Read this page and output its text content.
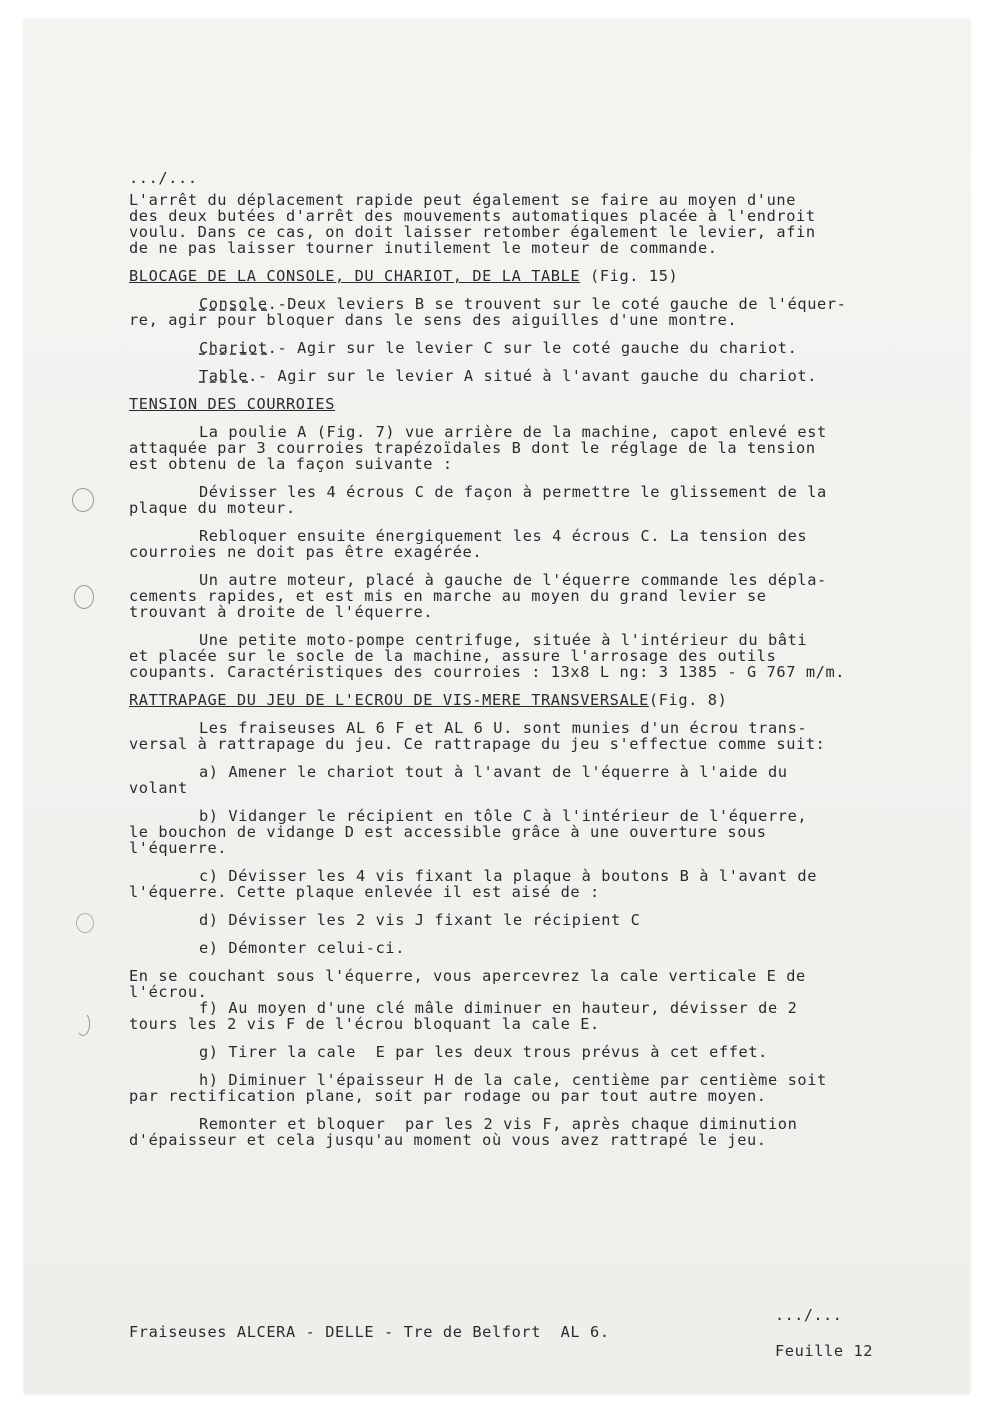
.../...
L'arrêt du déplacement rapide peut également se faire au moyen d'une
des deux butées d'arrêt des mouvements automatiques placée à l'endroit
voulu. Dans ce cas, on doit laisser retomber également le levier, afin
de ne pas laisser tourner inutilement le moteur de commande.
BLOCAGE DE LA CONSOLE, DU CHARIOT, DE LA TABLE (Fig. 15)
Console.-Deux leviers B se trouvent sur le coté gauche de l'équer-
re, agir pour bloquer dans le sens des aiguilles d'une montre.
Chariot.- Agir sur le levier C sur le coté gauche du chariot.
Table.- Agir sur le levier A situé à l'avant gauche du chariot.
TENSION DES COURROIES
La poulie A (Fig. 7) vue arrière de la machine, capot enlevé est
attaquée par 3 courroies trapézoïdales B dont le réglage de la tension
est obtenu de la façon suivante :
Dévisser les 4 écrous C de façon à permettre le glissement de la
plaque du moteur.
Rebloquer ensuite énergiquement les 4 écrous C. La tension des
courroies ne doit pas être exagérée.
Un autre moteur, placé à gauche de l'équerre commande les dépla-
cements rapides, et est mis en marche au moyen du grand levier se
trouvant à droite de l'équerre.
Une petite moto-pompe centrifuge, située à l'intérieur du bâti
et placée sur le socle de la machine, assure l'arrosage des outils
coupants. Caractéristiques des courroies : 13x8 L ng: 3 1385 - G 767 m/m.
RATTRAPAGE DU JEU DE L'ECROU DE VIS-MERE TRANSVERSALE(Fig. 8)
Les fraiseuses AL 6 F et AL 6 U. sont munies d'un écrou trans-
versal à rattrapage du jeu. Ce rattrapage du jeu s'effectue comme suit:
a) Amener le chariot tout à l'avant de l'équerre à l'aide du
volant
b) Vidanger le récipient en tôle C à l'intérieur de l'équerre,
le bouchon de vidange D est accessible grâce à une ouverture sous
l'équerre.
c) Dévisser les 4 vis fixant la plaque à boutons B à l'avant de
l'équerre. Cette plaque enlevée il est aisé de :
d) Dévisser les 2 vis J fixant le récipient C
e) Démonter celui-ci.
En se couchant sous l'équerre, vous apercevrez la cale verticale E de
l'écrou.
f) Au moyen d'une clé mâle diminuer en hauteur, dévisser de 2
tours les 2 vis F de l'écrou bloquant la cale E.
g) Tirer la cale  E par les deux trous prévus à cet effet.
h) Diminuer l'épaisseur H de la cale, centième par centième soit
par rectification plane, soit par rodage ou par tout autre moyen.
Remonter et bloquer  par les 2 vis F, après chaque diminution
d'épaisseur et cela jusqu'au moment où vous avez rattrapé le jeu.
.../...
Fraiseuses ALCERA - DELLE - Tre de Belfort  AL 6.
Feuille 12
